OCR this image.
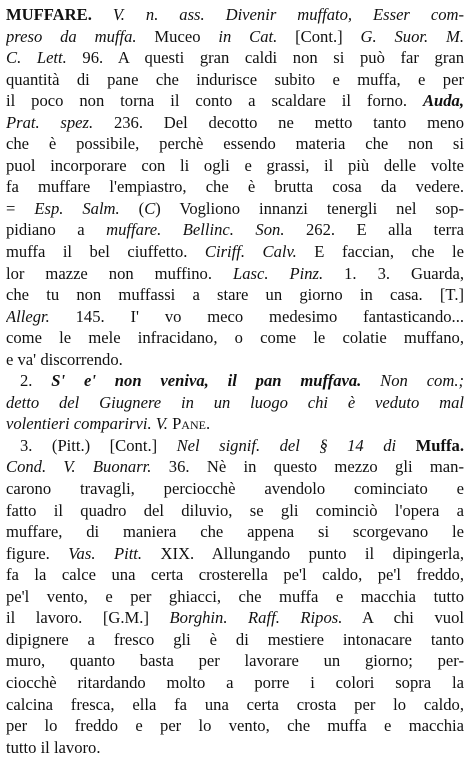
MUFFARE. V. n. ass. Divenir muffato, Esser com-
preso da muffa. Muceo in Cat. [Cont.] G. Suor. M.
C. Lett. 96. A questi gran caldi non si può far gran
quantità di pane che indurisce subito e muffa, e per
il poco non torna il conto a scaldare il forno. Auda,
Prat. spez. 236. Del decotto ne metto tanto meno
che è possibile, perchè essendo materia che non si
puol incorporare con li ogli e grassi, il più delle volte
fa muffare l'empiastro, che è brutta cosa da vedere.
= Esp. Salm. (C) Vogliono innanzi tenergli nel sop-
pidiano a muffare. Bellinc. Son. 262. E alla terra
muffa il bel ciuffetto. Ciriff. Calv. E faccian, che le
lor mazze non muffino. Lasc. Pinz. 1. 3. Guarda,
che tu non muffassi a stare un giorno in casa. [T.]
Allegr. 145. I' vo meco medesimo fantasticando...
come le mele infracidano, o come le colatie muffano,
e va' discorrendo.
2. S' e' non veniva, il pan muffava. Non com.;
detto del Giugnere in un luogo chi è veduto mal
volentieri comparirvi. V. Pane.
3. (Pitt.) [Cont.] Nel signif. del § 14 di Muffa.
Cond. V. Buonarr. 36. Nè in questo mezzo gli man-
carono travagli, perciocchè avendolo cominciato e
fatto il quadro del diluvio, se gli cominciò l'opera a
muffare, di maniera che appena si scorgevano le
figure. Vas. Pitt. XIX. Allungando punto il dipingerla,
fa la calce una certa crosterella pe'l caldo, pe'l freddo,
pe'l vento, e per ghiacci, che muffa e macchia tutto
il lavoro. [G.M.] Borghin. Raff. Ripos. A chi vuol
dipignere a fresco gli è di mestiere intonacare tanto
muro, quanto basta per lavorare un giorno; per-
ciocchè ritardando molto a porre i colori sopra la
calcina fresca, ella fa una certa crosta per lo caldo,
per lo freddo e per lo vento, che muffa e macchia
tutto il lavoro.
